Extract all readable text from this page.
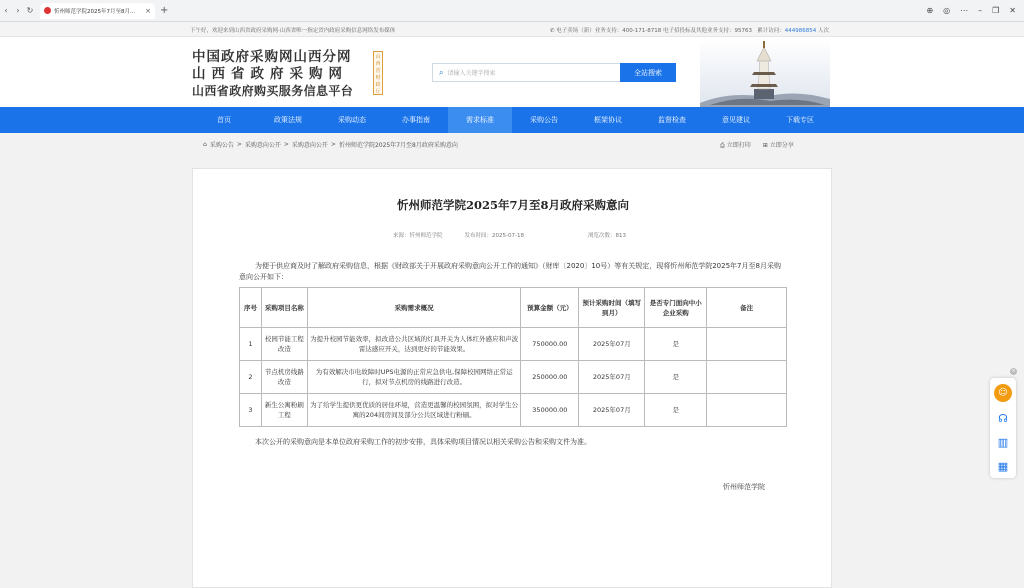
‹	› ↻	忻州师范学院2025年7月至8月... × +	⊕ ◎ ⋯ – ❐ ✕
下午好，欢迎来到山西省政府采购网·山西省唯一指定省内政府采购信息网络发布媒体	✆ 电子卖场（新）业务支持：400-171-8718 电子招投标及其他业务支持：95763 累计访问：444986854 人次
中国政府采购网山西分网
山西省政府采购网
山西省政府购买服务信息平台
山西省财政厅
⌕ 请输入关键字搜索	全站搜索
首页	政策法规	采购动态	办事指南	需求标准	采购公告	框架协议	监督检查	意见建议	下载专区
⌂ 采购公告 > 采购意向公开 > 采购意向公开 > 忻州师范学院2025年7月至8月政府采购意向	⎙ 立即打印 ⊞ 立即分享
忻州师范学院2025年7月至8月政府采购意向
来源：忻州师范学院	发布时间：2025-07-18	浏览次数：813
为便于供应商及时了解政府采购信息，根据《财政部关于开展政府采购意向公开工作的通知》（财库〔2020〕10号）等有关规定，现将忻州师范学院2025年7月至8月采购意向公开如下：
序号	采购项目名称	采购需求概况	预算金额（元）	预计采购时间（填写到月）	是否专门面向中小企业采购	备注
1	校园节能工程改造	为提升校园节能效率，拟改造公共区域的灯具开关为人体红外感应和声波雷达感应开关，达到更好的节能效果。	750000.00	2025年07月	是	
2	节点机房线路改造	为有效解决市电故障时UPS电源的正常应急供电,保障校园网络正常运行，拟对节点机房的线路进行改造。	250000.00	2025年07月	是	
3	新生公寓粉刷工程	为了给学生提供更优质的居住环境，营造更温馨的校园氛围，拟对学生公寓的204间房间及部分公共区域进行粉刷。	350000.00	2025年07月	是	
本次公开的采购意向是本单位政府采购工作的初步安排，具体采购项目情况以相关采购公告和采购文件为准。
忻州师范学院
×
☺
☊
▥
▦
